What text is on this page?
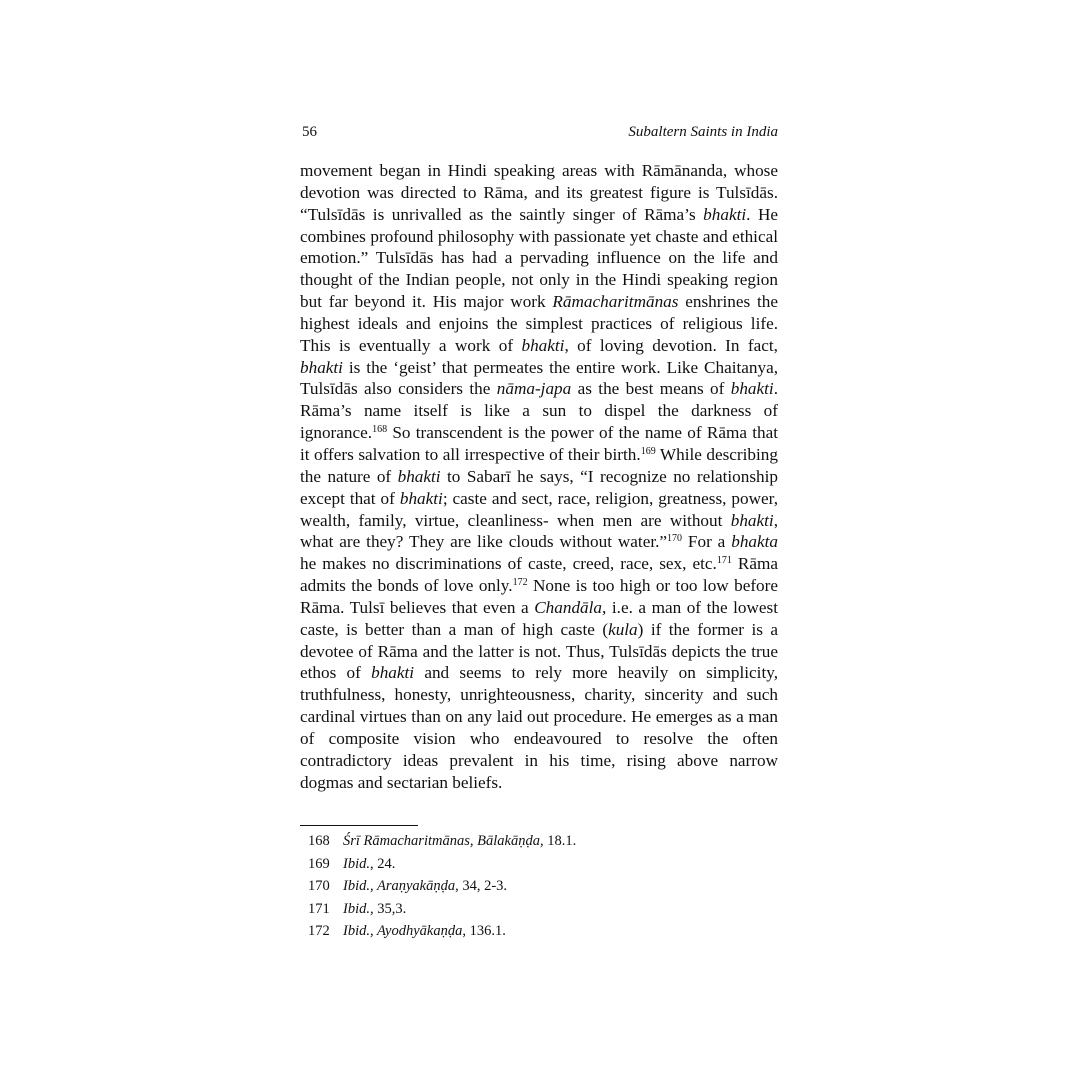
56	Subaltern Saints in India

movement began in Hindi speaking areas with Rāmānanda, whose devotion was directed to Rāma, and its greatest figure is Tulsīdās. “Tulsīdās is unrivalled as the saintly singer of Rāma’s bhakti. He combines profound philosophy with passionate yet chaste and ethical emotion.” Tulsīdās has had a pervading influence on the life and thought of the Indian people, not only in the Hindi speaking region but far beyond it. His major work Rāmacharitmānas enshrines the highest ideals and enjoins the simplest practices of religious life. This is eventually a work of bhakti, of loving devotion. In fact, bhakti is the ‘geist’ that permeates the entire work. Like Chaitanya, Tulsīdās also considers the nāma-japa as the best means of bhakti. Rāma’s name itself is like a sun to dispel the darkness of ignorance.$^{168}$ So transcendent is the power of the name of Rāma that it offers salvation to all irrespective of their birth.$^{169}$ While describing the nature of bhakti to Sabarī he says, “I recognize no relationship except that of bhakti; caste and sect, race, religion, greatness, power, wealth, family, virtue, cleanliness- when men are without bhakti, what are they? They are like clouds without water.”$^{170}$ For a bhakta he makes no discriminations of caste, creed, race, sex, etc.$^{171}$ Rāma admits the bonds of love only.$^{172}$ None is too high or too low before Rāma. Tulsī believes that even a Chandāla, i.e. a man of the lowest caste, is better than a man of high caste (kula) if the former is a devotee of Rāma and the latter is not. Thus, Tulsīdās depicts the true ethos of bhakti and seems to rely more heavily on simplicity, truthfulness, honesty, unrighteousness, charity, sincerity and such cardinal virtues than on any laid out procedure. He emerges as a man of composite vision who endeavoured to resolve the often contradictory ideas prevalent in his time, rising above narrow dogmas and sectarian beliefs.

168 Śrī Rāmacharitmānas, Bālakāṇḍa, 18.1.
169 Ibid., 24.
170 Ibid., Araṇyakāṇḍa, 34, 2-3.
171 Ibid., 35,3.
172 Ibid., Ayodhyākaṇḍa, 136.1.
